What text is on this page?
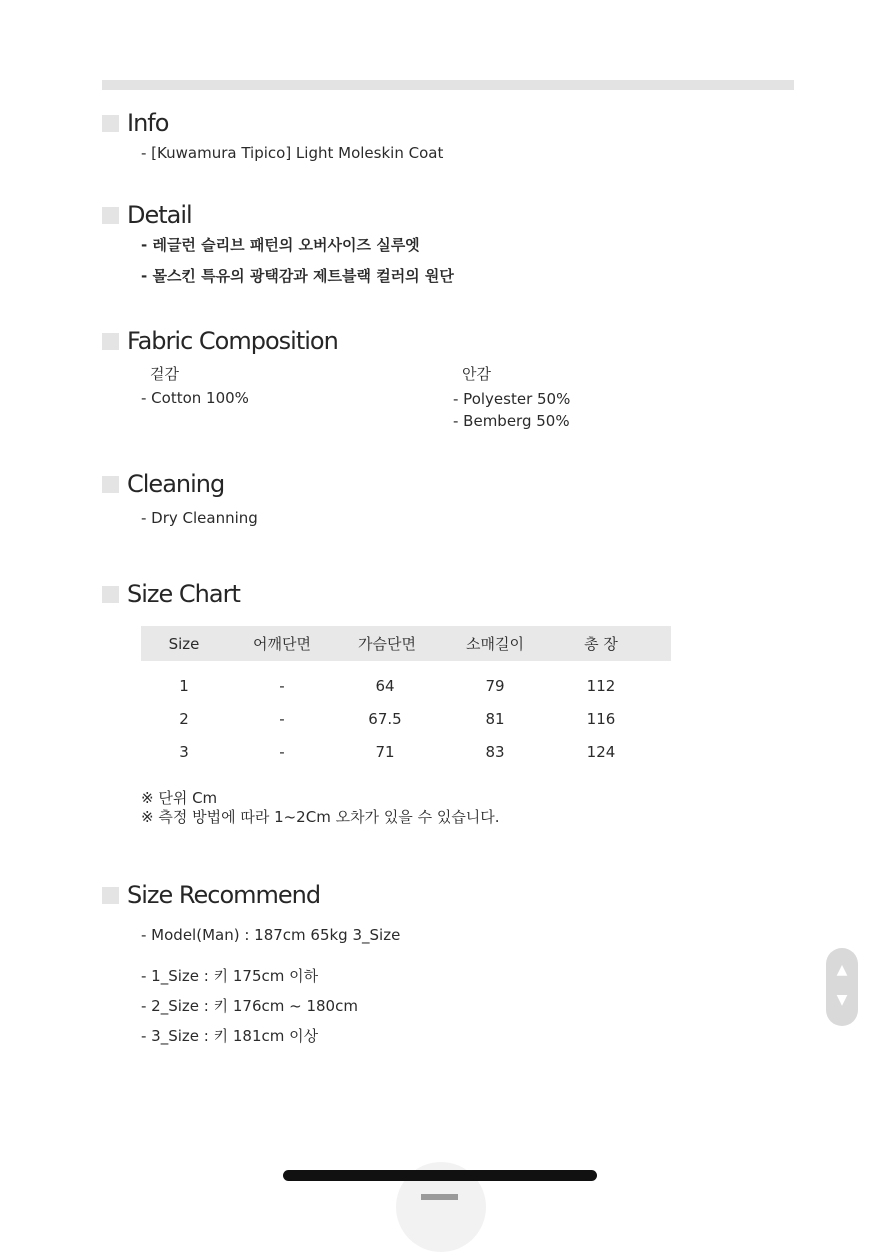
Info
- [Kuwamura Tipico] Light Moleskin Coat
Detail
- 레글런 슬리브 패턴의 오버사이즈 실루엣
- 몰스킨 특유의 광택감과 제트블랙 컬러의 원단
Fabric Composition
겉감
- Cotton 100%
안감
- Polyester 50%
- Bemberg 50%
Cleaning
- Dry Cleanning
Size Chart
Size	어깨단면	가슴단면	소매길이	총 장
1	-	64	79	112
2	-	67.5	81	116
3	-	71	83	124
※ 단위 Cm
※ 측정 방법에 따라 1~2Cm 오차가 있을 수 있습니다.
Size Recommend
- Model(Man) : 187cm 65kg 3_Size
- 1_Size : 키 175cm 이하
- 2_Size : 키 176cm ~ 180cm
- 3_Size : 키 181cm 이상
▲
▼
